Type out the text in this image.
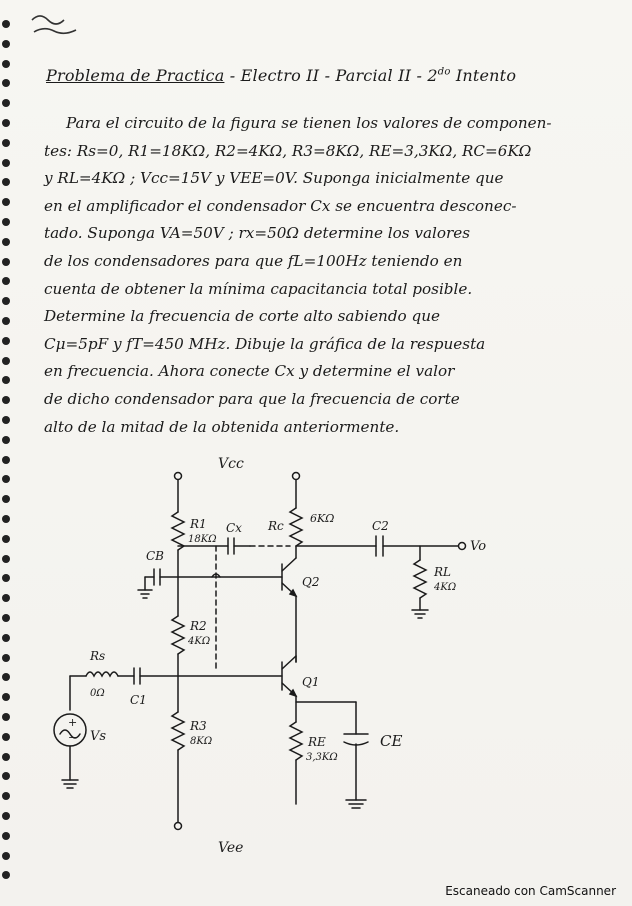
Problema de Practica - Electro II - Parcial II - $2^{do}$ Intento
Para el circuito de la figura se tienen los valores de componen-
tes: Rs=0, R1=18KΩ, R2=4KΩ, R3=8KΩ, RE=3,3KΩ, RC=6KΩ
y RL=4KΩ ; Vcc=15V y VEE=0V. Suponga inicialmente que
en el amplificador el condensador Cx se encuentra desconec-
tado. Suponga VA=50V ; rx=50Ω determine los valores
de los condensadores para que fL=100Hz teniendo en
cuenta de obtener la mínima capacitancia total posible.
Determine la frecuencia de corte alto sabiendo que
Cμ=5pF y fT=450 MHz. Dibuje la gráfica de la respuesta
en frecuencia. Ahora conecte Cx y determine el valor
de dicho condensador para que la frecuencia de corte
alto de la mitad de la obtenida anteriormente.
+
−
Vcc
Vee
R1
18KΩ
R2
4KΩ
R3
8KΩ
Rc
6KΩ
RE
3,3KΩ
RL
4KΩ
Rs
0Ω
Cx
CB
C1
C2
CE
Q1
Q2
Vo
Vs
Escaneado con CamScanner
